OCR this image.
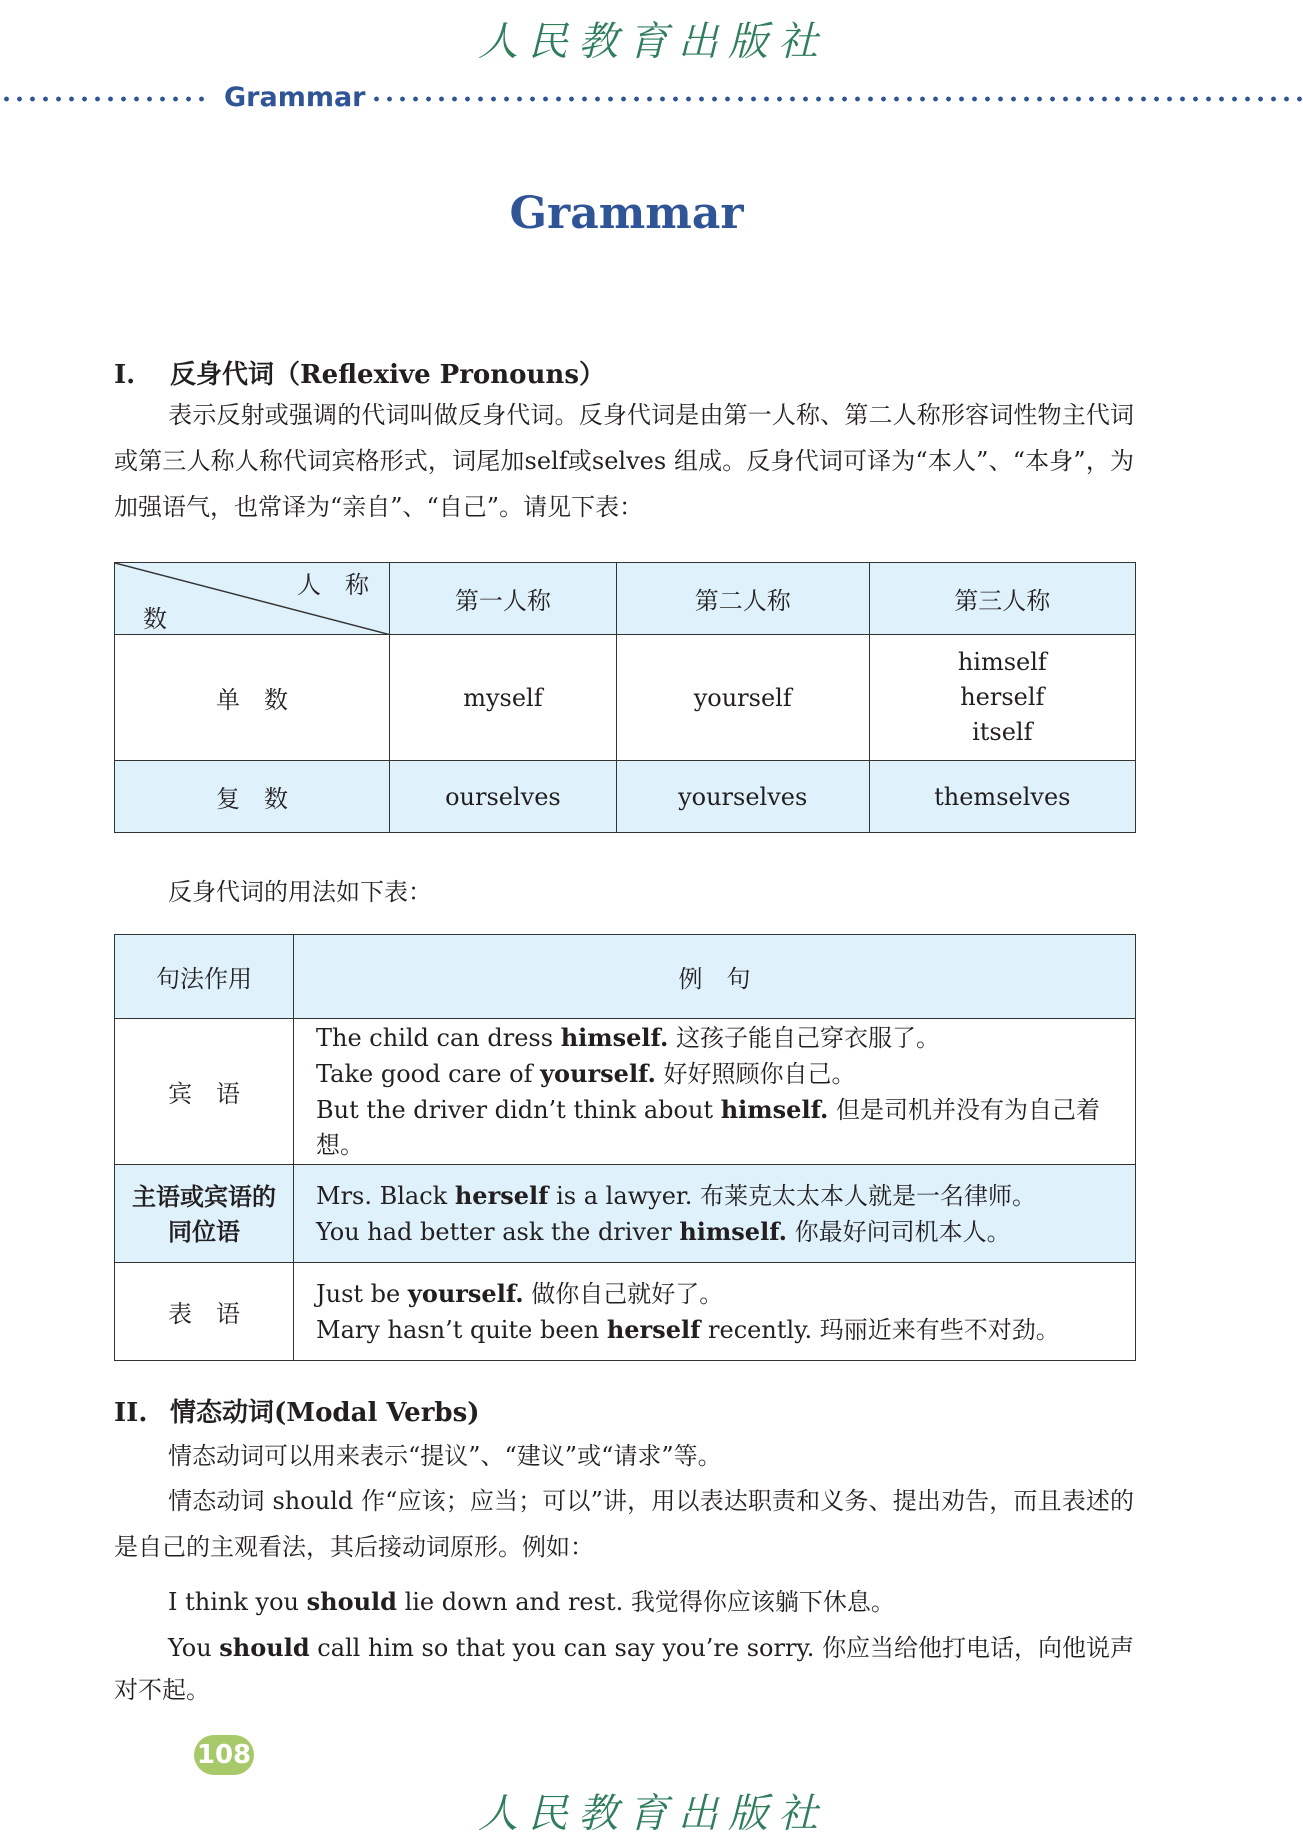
人民教育出版社
Grammar
Grammar
I. 反身代词（Reflexive Pronouns）
表示反射或强调的代词叫做反身代词。反身代词是由第一人称、第二人称形容词性物主代词或第三人称人称代词宾格形式，词尾加self或selves 组成。反身代词可译为“本人”、“本身”，为加强语气，也常译为“亲自”、“自己”。请见下表：
人　称
数	第一人称	第二人称	第三人称
单　数	myself	yourself	himself
herself
itself
复　数	ourselves	yourselves	themselves
反身代词的用法如下表：
句法作用	例　句
宾　语	The child can dress himself. 这孩子能自己穿衣服了。
Take good care of yourself. 好好照顾你自己。
But the driver didn’t think about himself. 但是司机并没有为自己着想。

主语或宾语的同位语	Mrs. Black herself is a lawyer. 布莱克太太本人就是一名律师。
You had better ask the driver himself. 你最好问司机本人。

表　语	Just be yourself. 做你自己就好了。
Mary hasn’t quite been herself recently. 玛丽近来有些不对劲。
II. 情态动词(Modal Verbs)
情态动词可以用来表示“提议”、“建议”或“请求”等。
情态动词 should 作“应该；应当；可以”讲，用以表达职责和义务、提出劝告，而且表述的是自己的主观看法，其后接动词原形。例如：
I think you should lie down and rest. 我觉得你应该躺下休息。
You should call him so that you can say you’re sorry. 你应当给他打电话，向他说声
对不起。
108
人民教育出版社
